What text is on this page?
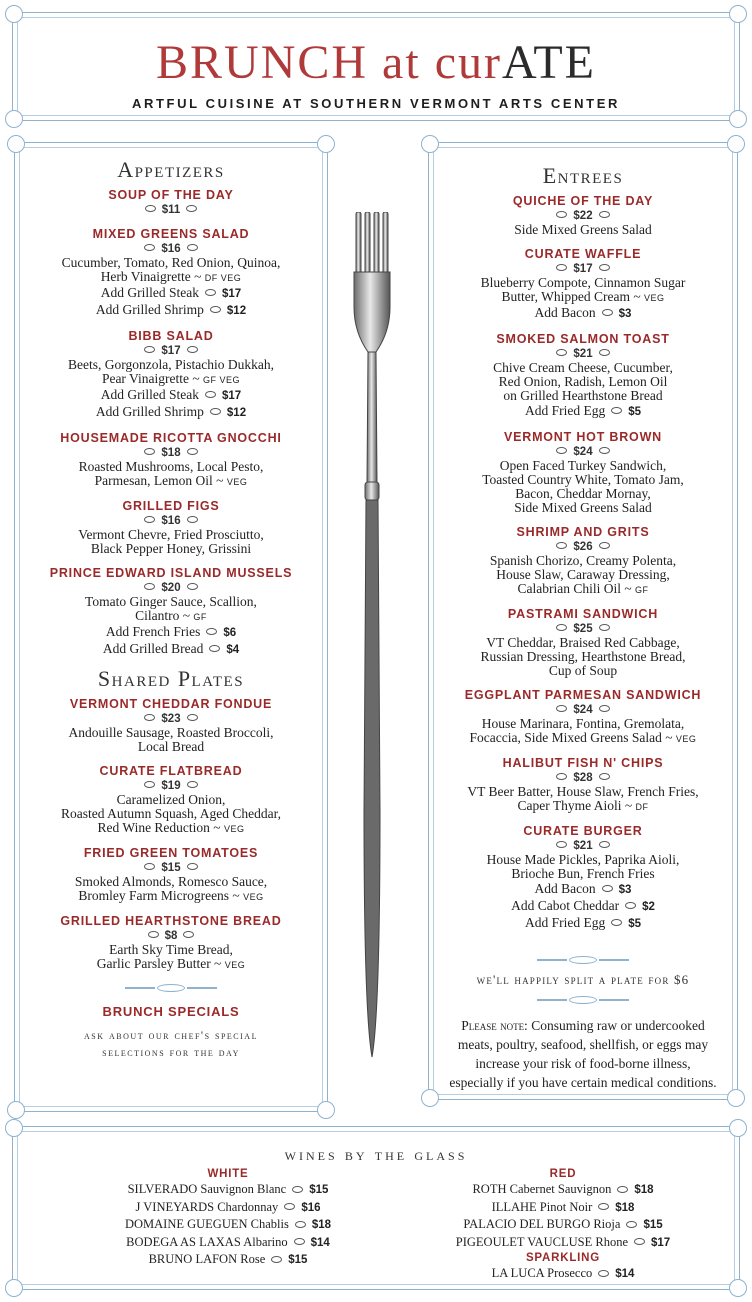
BRUNCH at curATE
ARTFUL CUISINE AT SOUTHERN VERMONT ARTS CENTER
Appetizers
SOUP OF THE DAY
$11
MIXED GREENS SALAD
$16
Cucumber, Tomato, Red Onion, Quinoa,
Herb Vinaigrette ~ DF VEG
Add Grilled Steak $17
Add Grilled Shrimp $12
BIBB SALAD
$17
Beets, Gorgonzola, Pistachio Dukkah,
Pear Vinaigrette ~ GF VEG
Add Grilled Steak $17
Add Grilled Shrimp $12
HOUSEMADE RICOTTA GNOCCHI
$18
Roasted Mushrooms, Local Pesto,
Parmesan, Lemon Oil ~ VEG
GRILLED FIGS
$16
Vermont Chevre, Fried Prosciutto,
Black Pepper Honey, Grissini
PRINCE EDWARD ISLAND MUSSELS
$20
Tomato Ginger Sauce, Scallion,
Cilantro ~ GF
Add French Fries $6
Add Grilled Bread $4
Shared Plates
VERMONT CHEDDAR FONDUE
$23
Andouille Sausage, Roasted Broccoli,
Local Bread
CURATE FLATBREAD
$19
Caramelized Onion,
Roasted Autumn Squash, Aged Cheddar,
Red Wine Reduction ~ VEG
FRIED GREEN TOMATOES
$15
Smoked Almonds, Romesco Sauce,
Bromley Farm Microgreens ~ VEG
GRILLED HEARTHSTONE BREAD
$8
Earth Sky Time Bread,
Garlic Parsley Butter ~ VEG
BRUNCH SPECIALS
ask about our chef's special
selections for the day
Entrees
QUICHE OF THE DAY
$22
Side Mixed Greens Salad
CURATE WAFFLE
$17
Blueberry Compote, Cinnamon Sugar
Butter, Whipped Cream ~ VEG
Add Bacon $3
SMOKED SALMON TOAST
$21
Chive Cream Cheese, Cucumber,
Red Onion, Radish, Lemon Oil
on Grilled Hearthstone Bread
Add Fried Egg $5
VERMONT HOT BROWN
$24
Open Faced Turkey Sandwich,
Toasted Country White, Tomato Jam,
Bacon, Cheddar Mornay,
Side Mixed Greens Salad
SHRIMP AND GRITS
$26
Spanish Chorizo, Creamy Polenta,
House Slaw, Caraway Dressing,
Calabrian Chili Oil ~ GF
PASTRAMI SANDWICH
$25
VT Cheddar, Braised Red Cabbage,
Russian Dressing, Hearthstone Bread,
Cup of Soup
EGGPLANT PARMESAN SANDWICH
$24
House Marinara, Fontina, Gremolata,
Focaccia, Side Mixed Greens Salad ~ VEG
HALIBUT FISH N' CHIPS
$28
VT Beer Batter, House Slaw, French Fries,
Caper Thyme Aioli ~ DF
CURATE BURGER
$21
House Made Pickles, Paprika Aioli,
Brioche Bun, French Fries
Add Bacon $3
Add Cabot Cheddar $2
Add Fried Egg $5
we'll happily split a plate for $6
Please note: Consuming raw or undercooked meats, poultry, seafood, shellfish, or eggs may increase your risk of food-borne illness, especially if you have certain medical conditions.
wines by the glass
WHITE
SILVERADO Sauvignon Blanc $15
J VINEYARDS Chardonnay $16
DOMAINE GUEGUEN Chablis $18
BODEGA AS LAXAS Albarino $14
BRUNO LAFON Rose $15
RED
ROTH Cabernet Sauvignon $18
ILLAHE Pinot Noir $18
PALACIO DEL BURGO Rioja $15
PIGEOULET VAUCLUSE Rhone $17
SPARKLING
LA LUCA Prosecco $14
